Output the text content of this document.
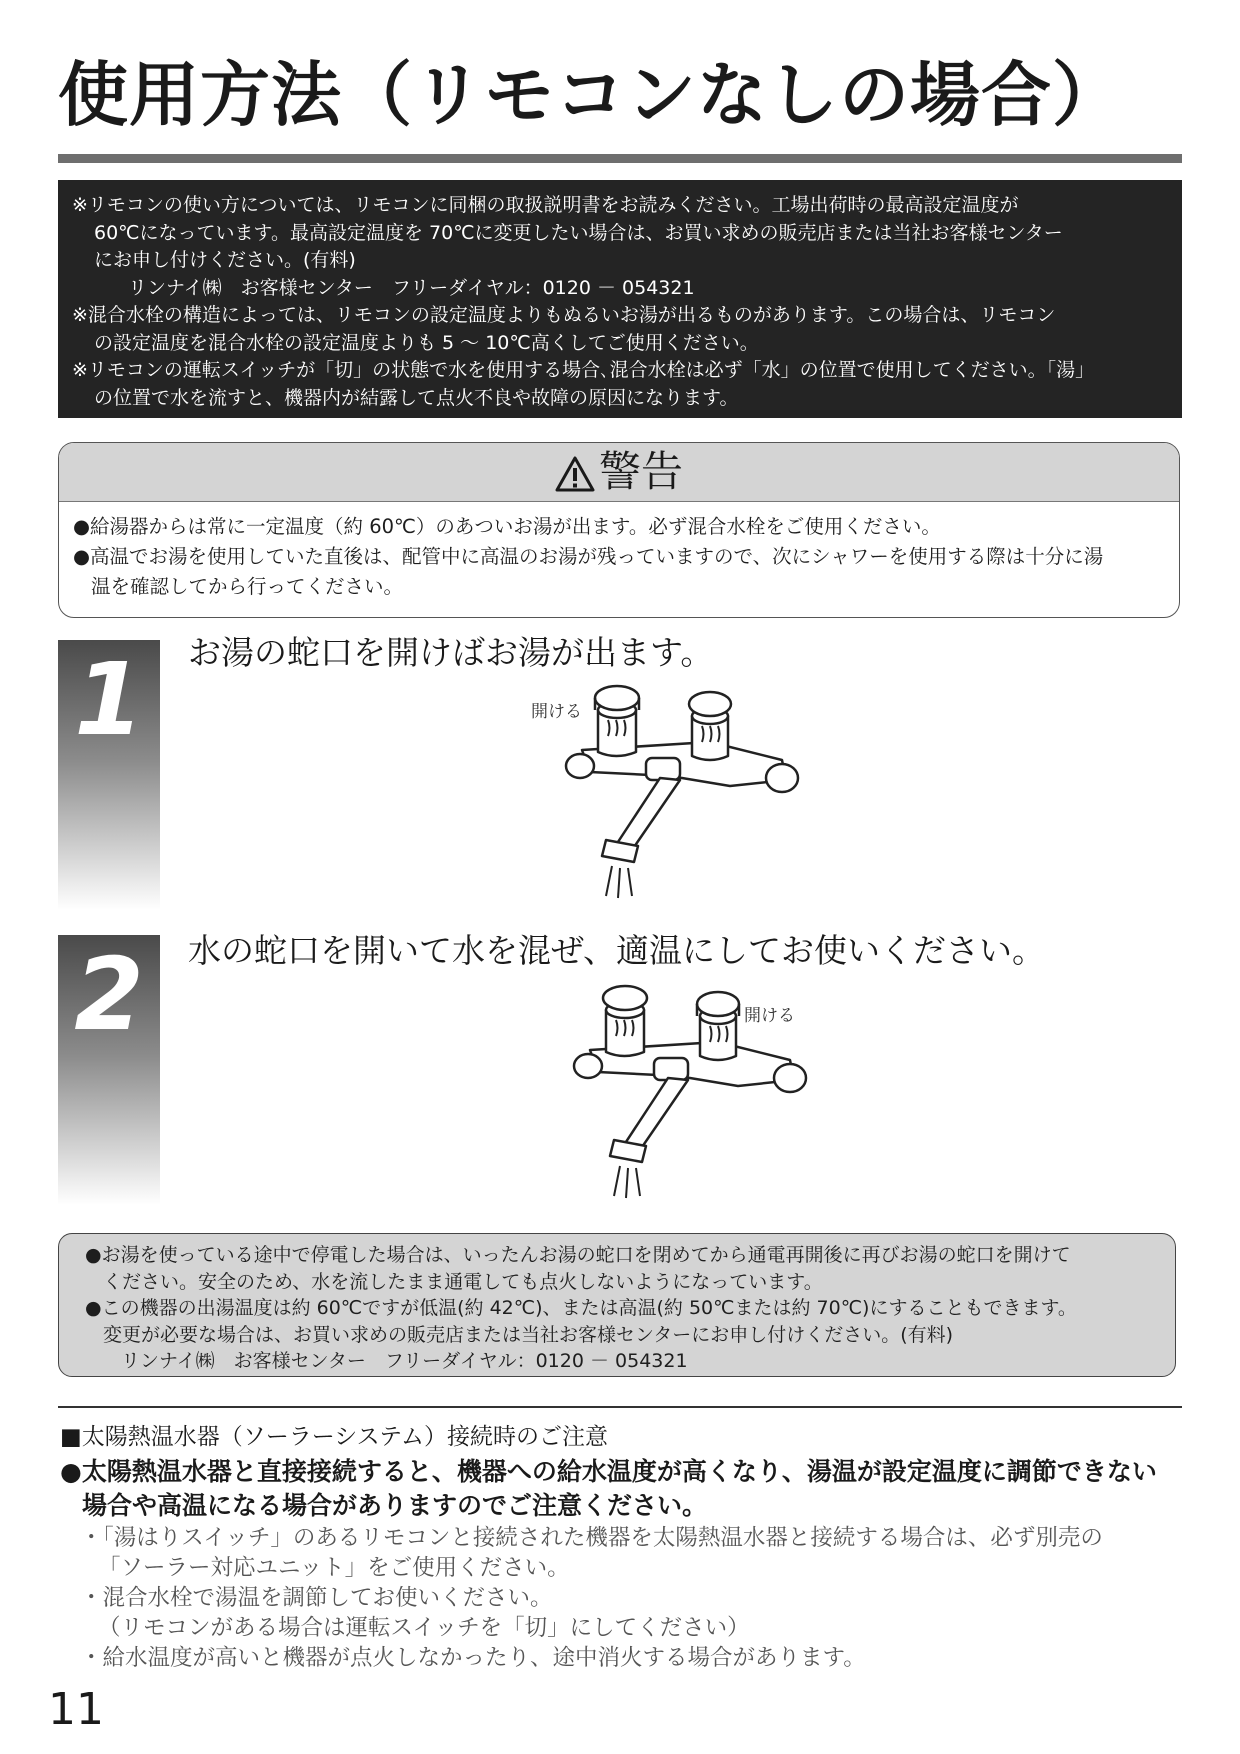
使用方法（リモコンなしの場合）

※リモコンの使い方については、リモコンに同梱の取扱説明書をお読みください。工場出荷時の最高設定温度が

60℃になっています。最高設定温度を 70℃に変更したい場合は、お買い求めの販売店または当社お客様センター

にお申し付けください。(有料)

リンナイ㈱　お客様センター　フリーダイヤル：0120 － 054321

※混合水栓の構造によっては、リモコンの設定温度よりもぬるいお湯が出るものがあります。この場合は、リモコン

の設定温度を混合水栓の設定温度よりも 5 ～ 10℃高くしてご使用ください。

※リモコンの運転スイッチが「切」の状態で水を使用する場合､混合水栓は必ず「水」の位置で使用してください。「湯」

の位置で水を流すと、機器内が結露して点火不良や故障の原因になります。

警告

●給湯器からは常に一定温度（約 60℃）のあついお湯が出ます。必ず混合水栓をご使用ください。

●高温でお湯を使用していた直後は、配管中に高温のお湯が残っていますので、次にシャワーを使用する際は十分に湯

温を確認してから行ってください。

1	お湯の蛇口を開けばお湯が出ます。
開ける
2	水の蛇口を開いて水を混ぜ、適温にしてお使いください。
開ける

●お湯を使っている途中で停電した場合は、いったんお湯の蛇口を閉めてから通電再開後に再びお湯の蛇口を開けて

ください。安全のため、水を流したまま通電しても点火しないようになっています。

●この機器の出湯温度は約 60℃ですが低温(約 42℃)、または高温(約 50℃または約 70℃)にすることもできます。

変更が必要な場合は、お買い求めの販売店または当社お客様センターにお申し付けください。(有料)

リンナイ㈱　お客様センター　フリーダイヤル：0120 － 054321

■太陽熱温水器（ソーラーシステム）接続時のご注意

●太陽熱温水器と直接接続すると、機器への給水温度が高くなり、湯温が設定温度に調節できない

場合や高温になる場合がありますのでご注意ください。

・「湯はりスイッチ」のあるリモコンと接続された機器を太陽熱温水器と接続する場合は、必ず別売の

「ソーラー対応ユニット」をご使用ください。

・混合水栓で湯温を調節してお使いください。

（リモコンがある場合は運転スイッチを「切」にしてください）

・給水温度が高いと機器が点火しなかったり、途中消火する場合があります。

11
